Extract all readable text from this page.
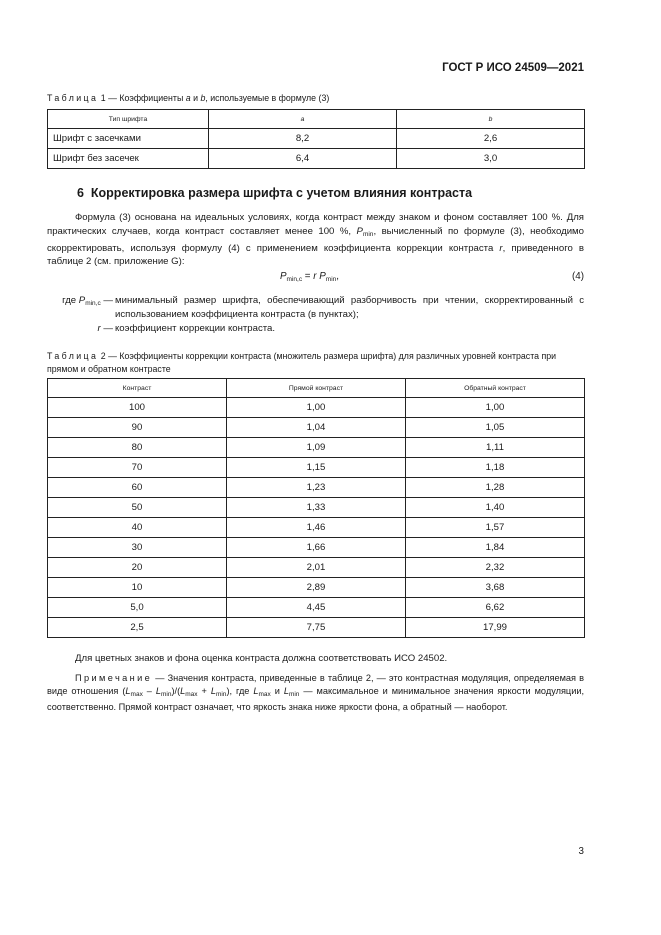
ГОСТ Р ИСО 24509—2021
Таблица 1 — Коэффициенты a и b, используемые в формуле (3)
Тип шрифта	a	b
Шрифт с засечками	8,2	2,6
Шрифт без засечек	6,4	3,0
6 Корректировка размера шрифта с учетом влияния контраста
Формула (3) основана на идеальных условиях, когда контраст между знаком и фоном составляет 100 %. Для практических случаев, когда контраст составляет менее 100 %, $P_{min}$, вычисленный по формуле (3), необходимо скорректировать, используя формулу (4) с применением коэффициента коррекции контраста r, приведенного в таблице 2 (см. приложение G):
$P_{min,c} = r$ $P_{min}$,	(4)
где $P_{min,c}$ — минимальный размер шрифта, обеспечивающий разборчивость при чтении, скорректированный с использованием коэффициента контраста (в пунктах);
r — коэффициент коррекции контраста.
Таблица 2 — Коэффициенты коррекции контраста (множитель размера шрифта) для различных уровней контраста при прямом и обратном контрасте
Контраст	Прямой контраст	Обратный контраст
100	1,00	1,00
90	1,04	1,05
80	1,09	1,11
70	1,15	1,18
60	1,23	1,28
50	1,33	1,40
40	1,46	1,57
30	1,66	1,84
20	2,01	2,32
10	2,89	3,68
5,0	4,45	6,62
2,5	7,75	17,99
Для цветных знаков и фона оценка контраста должна соответствовать ИСО 24502.
Примечание — Значения контраста, приведенные в таблице 2, — это контрастная модуляция, определяемая в виде отношения $(L_{max} - L_{min})/(L_{max} + L_{min})$, где $L_{max}$ и $L_{min}$ — максимальное и минимальное значения яркости модуляции, соответственно. Прямой контраст означает, что яркость знака ниже яркости фона, а обратный — наоборот.
3
